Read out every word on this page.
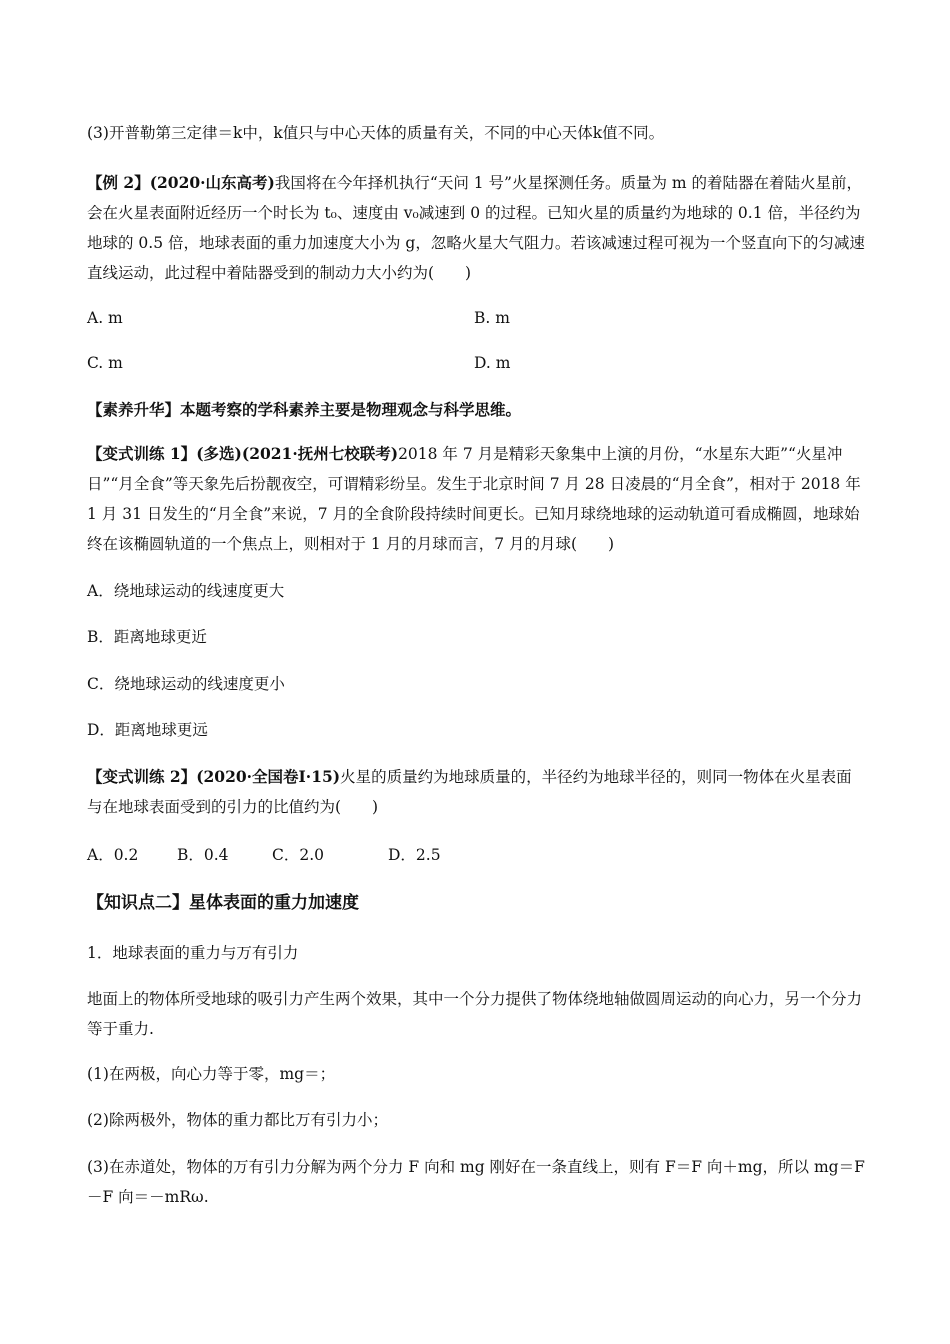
(3)开普勒第三定律＝k中，k值只与中心天体的质量有关，不同的中心天体k值不同。

【例 2】(2020·山东高考)我国将在今年择机执行“天问 1 号”火星探测任务。质量为 m 的着陆器在着陆火星前，会在火星表面附近经历一个时长为 t₀、速度由 v₀减速到 0 的过程。已知火星的质量约为地球的 0.1 倍，半径约为地球的 0.5 倍，地球表面的重力加速度大小为 g，忽略火星大气阻力。若该减速过程可视为一个竖直向下的匀减速直线运动，此过程中着陆器受到的制动力大小约为(　　)

A. m	B. m
C. m	D. m

【素养升华】本题考察的学科素养主要是物理观念与科学思维。

【变式训练 1】(多选)(2021·抚州七校联考)2018 年 7 月是精彩天象集中上演的月份，“水星东大距”“火星冲日”“月全食”等天象先后扮靓夜空，可谓精彩纷呈。发生于北京时间 7 月 28 日凌晨的“月全食”，相对于 2018 年 1 月 31 日发生的“月全食”来说，7 月的全食阶段持续时间更长。已知月球绕地球的运动轨道可看成椭圆，地球始终在该椭圆轨道的一个焦点上，则相对于 1 月的月球而言，7 月的月球(　　)

A．绕地球运动的线速度更大
B．距离地球更近
C．绕地球运动的线速度更小
D．距离地球更远

【变式训练 2】(2020·全国卷Ⅰ·15)火星的质量约为地球质量的，半径约为地球半径的，则同一物体在火星表面与在地球表面受到的引力的比值约为(　　)

A．0.2 B．0.4	C．2.0	D．2.5

【知识点二】星体表面的重力加速度

1．地球表面的重力与万有引力

地面上的物体所受地球的吸引力产生两个效果，其中一个分力提供了物体绕地轴做圆周运动的向心力，另一个分力等于重力.

(1)在两极，向心力等于零，mg＝；

(2)除两极外，物体的重力都比万有引力小；

(3)在赤道处，物体的万有引力分解为两个分力 F 向和 mg 刚好在一条直线上，则有 F＝F 向＋mg，所以 mg＝F－F 向＝－mRω.
